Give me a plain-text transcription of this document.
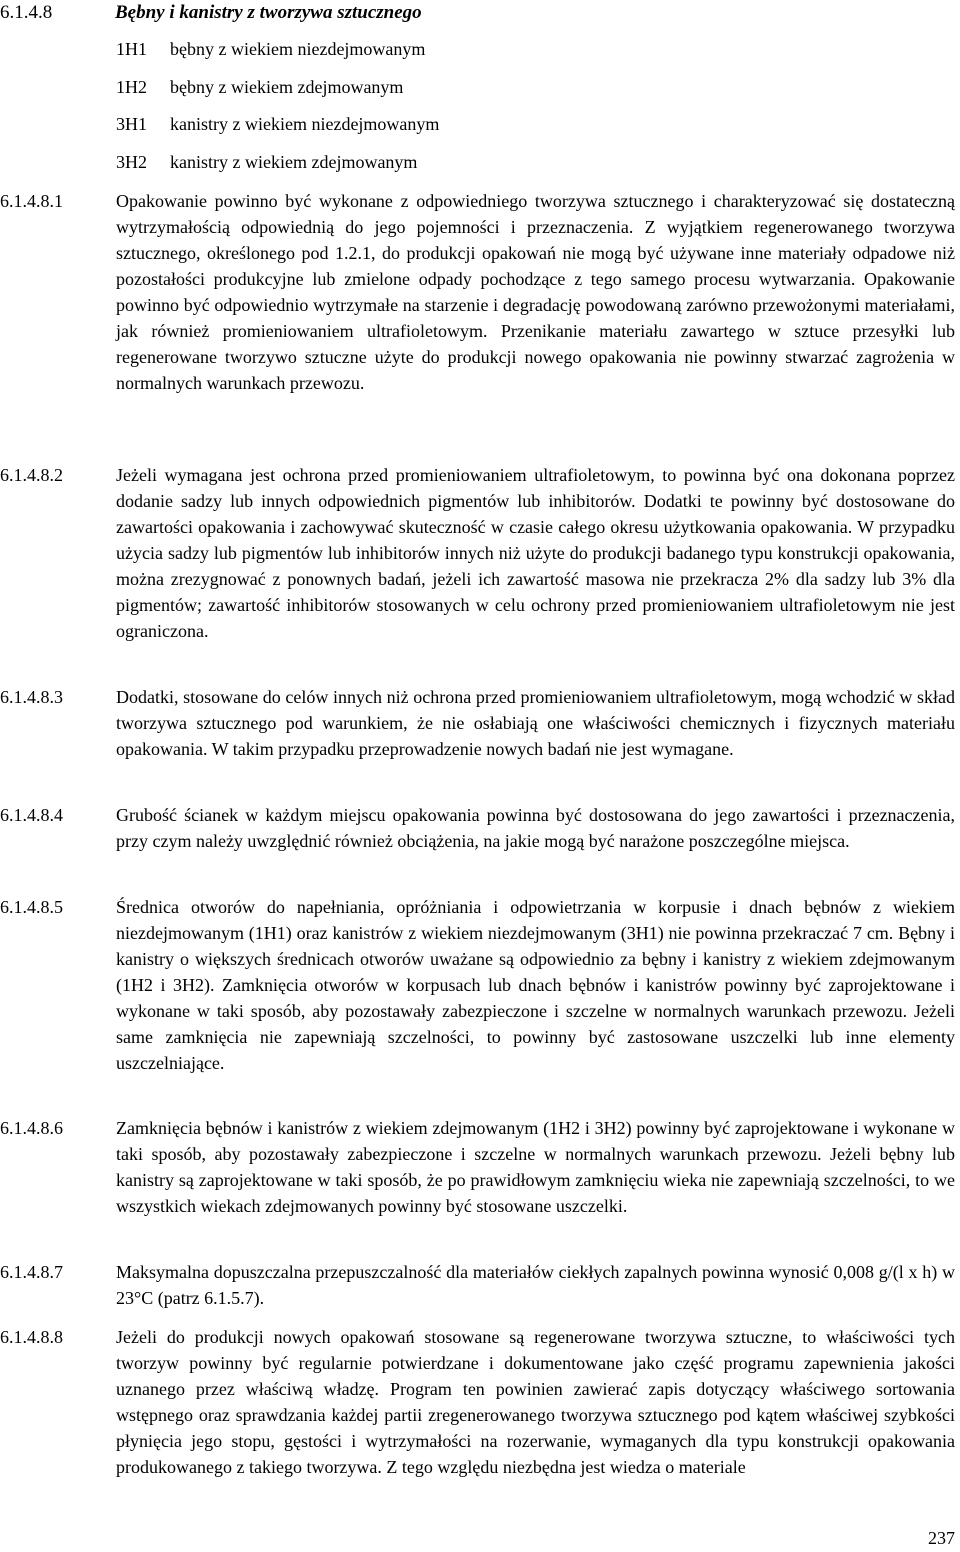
6.1.4.8	Bębny i kanistry z tworzywa sztucznego
1H1 bębny z wiekiem niezdejmowanym
1H2 bębny z wiekiem zdejmowanym
3H1 kanistry z wiekiem niezdejmowanym
3H2 kanistry z wiekiem zdejmowanym
6.1.4.8.1	Opakowanie powinno być wykonane z odpowiedniego tworzywa sztucznego i charakteryzować się dostateczną wytrzymałością odpowiednią do jego pojemności i przeznaczenia. Z wyjątkiem regenerowanego tworzywa sztucznego, określonego pod 1.2.1, do produkcji opakowań nie mogą być używane inne materiały odpadowe niż pozostałości produkcyjne lub zmielone odpady pochodzące z tego samego procesu wytwarzania. Opakowanie powinno być odpowiednio wytrzymałe na starzenie i degradację powodowaną zarówno przewożonymi materiałami, jak również promieniowaniem ultrafioletowym. Przenikanie materiału zawartego w sztuce przesyłki lub regenerowane tworzywo sztuczne użyte do produkcji nowego opakowania nie powinny stwarzać zagrożenia w normalnych warunkach przewozu.

6.1.4.8.2	Jeżeli wymagana jest ochrona przed promieniowaniem ultrafioletowym, to powinna być ona dokonana poprzez dodanie sadzy lub innych odpowiednich pigmentów lub inhibitorów. Dodatki te powinny być dostosowane do zawartości opakowania i zachowywać skuteczność w czasie całego okresu użytkowania opakowania. W przypadku użycia sadzy lub pigmentów lub inhibitorów innych niż użyte do produkcji badanego typu konstrukcji opakowania, można zrezygnować z ponownych badań, jeżeli ich zawartość masowa nie przekracza 2% dla sadzy lub 3% dla pigmentów; zawartość inhibitorów stosowanych w celu ochrony przed promieniowaniem ultrafioletowym nie jest ograniczona.

6.1.4.8.3	Dodatki, stosowane do celów innych niż ochrona przed promieniowaniem ultrafioletowym, mogą wchodzić w skład tworzywa sztucznego pod warunkiem, że nie osłabiają one właściwości chemicznych i fizycznych materiału opakowania. W takim przypadku przeprowadzenie nowych badań nie jest wymagane.

6.1.4.8.4	Grubość ścianek w każdym miejscu opakowania powinna być dostosowana do jego zawartości i przeznaczenia, przy czym należy uwzględnić również obciążenia, na jakie mogą być narażone poszczególne miejsca.

6.1.4.8.5	Średnica otworów do napełniania, opróżniania i odpowietrzania w korpusie i dnach bębnów z wiekiem niezdejmowanym (1H1) oraz kanistrów z wiekiem niezdejmowanym (3H1) nie powinna przekraczać 7 cm. Bębny i kanistry o większych średnicach otworów uważane są odpowiednio za bębny i kanistry z wiekiem zdejmowanym (1H2 i 3H2). Zamknięcia otworów w korpusach lub dnach bębnów i kanistrów powinny być zaprojektowane i wykonane w taki sposób, aby pozostawały zabezpieczone i szczelne w normalnych warunkach przewozu. Jeżeli same zamknięcia nie zapewniają szczelności, to powinny być zastosowane uszczelki lub inne elementy uszczelniające.

6.1.4.8.6	Zamknięcia bębnów i kanistrów z wiekiem zdejmowanym (1H2 i 3H2) powinny być zaprojektowane i wykonane w taki sposób, aby pozostawały zabezpieczone i szczelne w normalnych warunkach przewozu. Jeżeli bębny lub kanistry są zaprojektowane w taki sposób, że po prawidłowym zamknięciu wieka nie zapewniają szczelności, to we wszystkich wiekach zdejmowanych powinny być stosowane uszczelki.

6.1.4.8.7	Maksymalna dopuszczalna przepuszczalność dla materiałów ciekłych zapalnych powinna wynosić 0,008 g/(l x h) w 23°C (patrz 6.1.5.7).

6.1.4.8.8	Jeżeli do produkcji nowych opakowań stosowane są regenerowane tworzywa sztuczne, to właściwości tych tworzyw powinny być regularnie potwierdzane i dokumentowane jako część programu zapewnienia jakości uznanego przez właściwą władzę. Program ten powinien zawierać zapis dotyczący właściwego sortowania wstępnego oraz sprawdzania każdej partii zregenerowanego tworzywa sztucznego pod kątem właściwej szybkości płynięcia jego stopu, gęstości i wytrzymałości na rozerwanie, wymaganych dla typu konstrukcji opakowania produkowanego z takiego tworzywa. Z tego względu niezbędna jest wiedza o materiale

237
